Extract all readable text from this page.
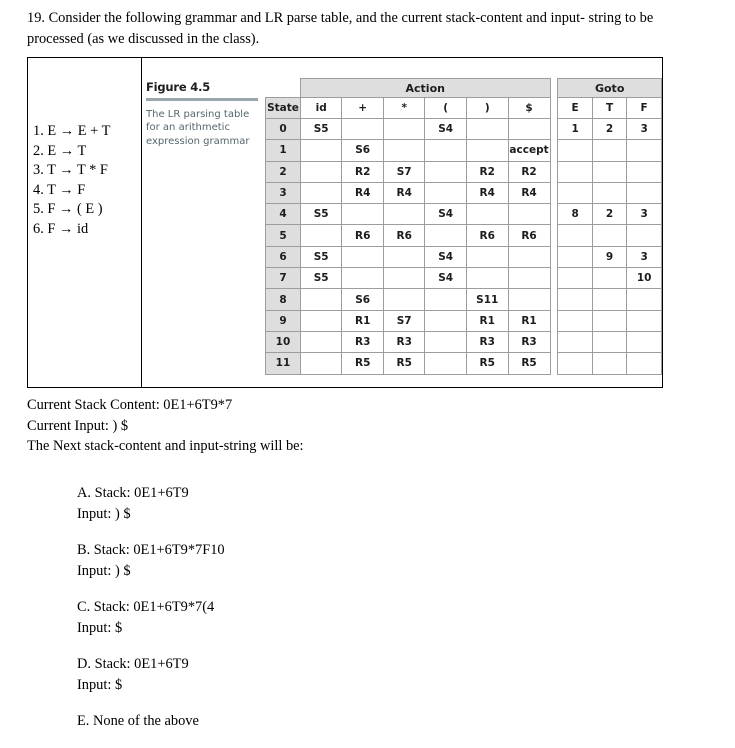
19. Consider the following grammar and LR parse table, and the current stack-content and input- string to be processed (as we discussed in the class).
1. E → E + T
2. E → T
3. T → T * F
4. T → F
5. F → ( E )
6. F → id
Figure 4.5
The LR parsing table for an arithmetic expression grammar
	Action							Goto		
State	id	+	*	(	)	$		E	T	F
0	S5			S4				1	2	3
1		S6				accept				
2		R2	S7		R2	R2				
3		R4	R4		R4	R4				
4	S5			S4				8	2	3
5		R6	R6		R6	R6				
6	S5			S4					9	3
7	S5			S4						10
8		S6			S11					
9		R1	S7		R1	R1				
10		R3	R3		R3	R3				
11		R5	R5		R5	R5				
Current Stack Content: 0E1+6T9*7
Current Input: ) $
The Next stack-content and input-string will be:
A. Stack: 0E1+6T9
Input: ) $
B. Stack: 0E1+6T9*7F10
Input: ) $
C. Stack: 0E1+6T9*7(4
Input: $
D. Stack: 0E1+6T9
Input: $
E. None of the above
